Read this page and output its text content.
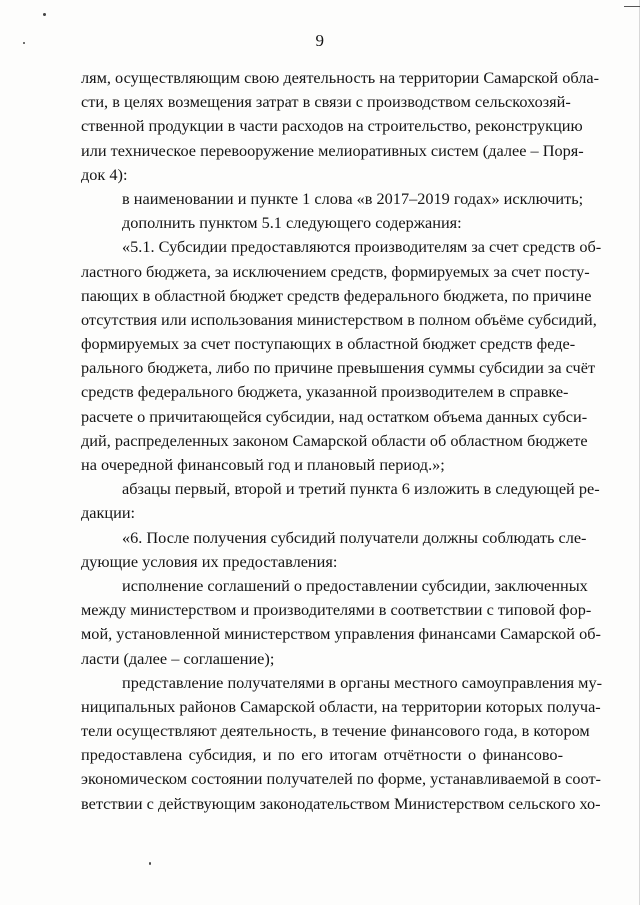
9
лям, осуществляющим свою деятельность на территории Самарской обла-
сти, в целях возмещения затрат в связи с производством сельскохозяй-
ственной продукции в части расходов на строительство, реконструкцию
или техническое перевооружение мелиоративных систем (далее – Поря-
док 4):
в наименовании и пункте 1 слова «в 2017–2019 годах» исключить;
дополнить пунктом 5.1 следующего содержания:
«5.1. Субсидии предоставляются производителям за счет средств об-
ластного бюджета, за исключением средств, формируемых за счет посту-
пающих в областной бюджет средств федерального бюджета, по причине
отсутствия или использования министерством в полном объёме субсидий,
формируемых за счет поступающих в областной бюджет средств феде-
рального бюджета, либо по причине превышения суммы субсидии за счёт
средств федерального бюджета, указанной производителем в справке-
расчете о причитающейся субсидии, над остатком объема данных субси-
дий, распределенных законом Самарской области об областном бюджете
на очередной финансовый год и плановый период.»;
абзацы первый, второй и третий пункта 6 изложить в следующей ре-
дакции:
«6. После получения субсидий получатели должны соблюдать сле-
дующие условия их предоставления:
исполнение соглашений о предоставлении субсидии, заключенных
между министерством и производителями в соответствии с типовой фор-
мой, установленной министерством управления финансами Самарской об-
ласти (далее – соглашение);
представление получателями в органы местного самоуправления му-
ниципальных районов Самарской области, на территории которых получа-
тели осуществляют деятельность, в течение финансового года, в котором
предоставлена субсидия, и по его итогам отчётности о финансово-
экономическом состоянии получателей по форме, устанавливаемой в соот-
ветствии с действующим законодательством Министерством сельского хо-
